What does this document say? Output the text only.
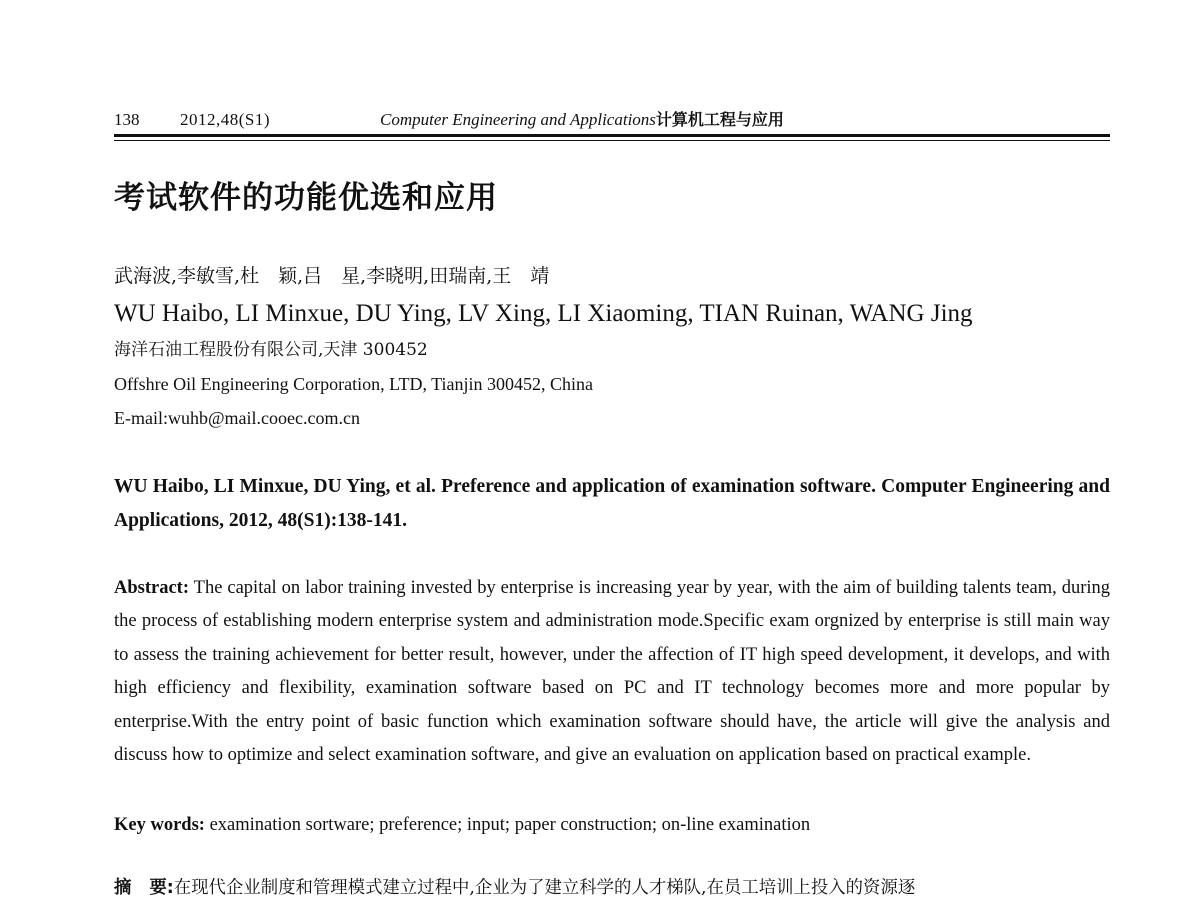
138 2012,48(S1)	Computer Engineering and Applications计算机工程与应用
考试软件的功能优选和应用
武海波,李敏雪,杜　颖,吕　星,李晓明,田瑞南,王　靖
WU Haibo, LI Minxue, DU Ying, LV Xing, LI Xiaoming, TIAN Ruinan, WANG Jing
海洋石油工程股份有限公司,天津 300452
Offshre Oil Engineering Corporation, LTD, Tianjin 300452, China
E-mail:wuhb@mail.cooec.com.cn
WU Haibo, LI Minxue, DU Ying, et al. Preference and application of examination software. Computer Engineering and Applications, 2012, 48(S1):138-141.
Abstract: The capital on labor training invested by enterprise is increasing year by year, with the aim of building talents team, during the process of establishing modern enterprise system and administration mode.Specific exam orgnized by enterprise is still main way to assess the training achievement for better result, however, under the affection of IT high speed development, it develops, and with high efficiency and flexibility, examination software based on PC and IT technology becomes more and more popular by enterprise.With the entry point of basic function which examination software should have, the article will give the analysis and discuss how to optimize and select examination software, and give an evaluation on application based on practical example.
Key words: examination sortware; preference; input; paper construction; on-line examination
摘 要:在现代企业制度和管理模式建立过程中,企业为了建立科学的人才梯队,在员工培训上投入的资源逐
